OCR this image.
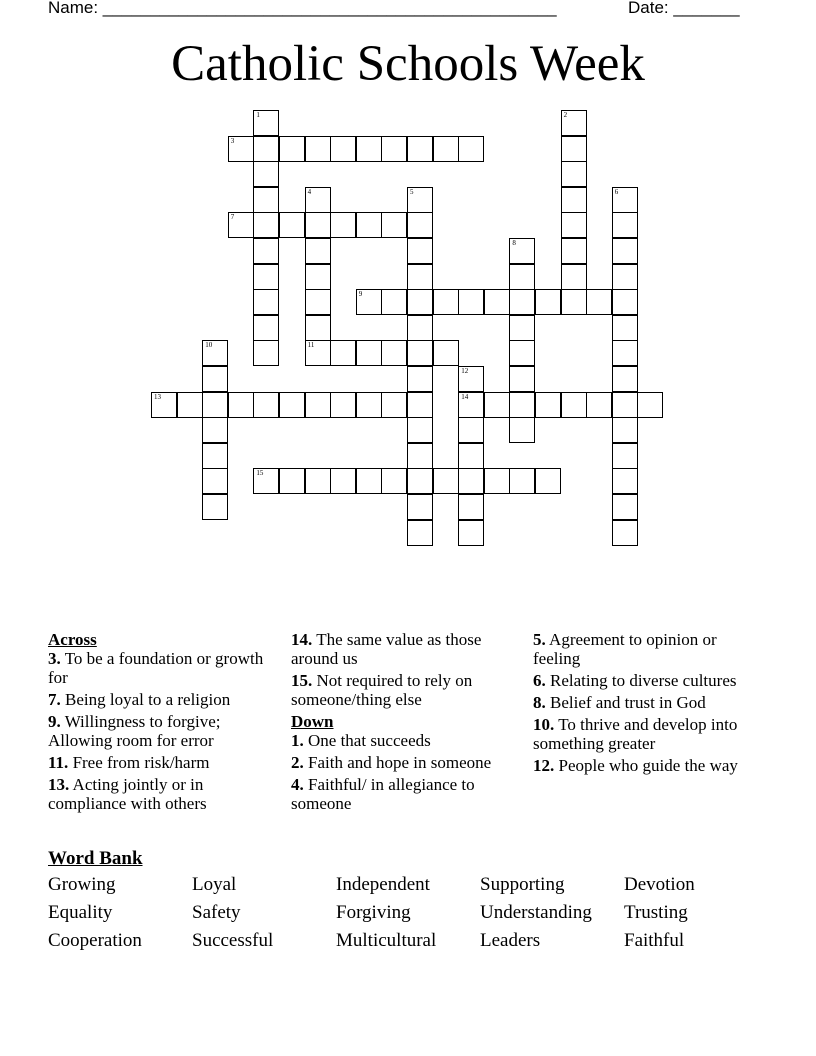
Name: ________________________________________________	Date: _______
Catholic Schools Week
1	2
3
4	5	6
7
8
9
10	11
12
14
13
15
Across
3. To be a foundation or growth for
7. Being loyal to a religion
9. Willingness to forgive; Allowing room for error
11. Free from risk/harm
13. Acting jointly or in compliance with others
14. The same value as those around us
15. Not required to rely on someone/thing else
Down
1. One that succeeds
2. Faith and hope in someone
4. Faithful/ in allegiance to someone
5. Agreement to opinion or feeling
6. Relating to diverse cultures
8. Belief and trust in God
10. To thrive and develop into something greater
12. People who guide the way
Word Bank
Growing	Loyal	Independent	Supporting	Devotion
Equality	Safety	Forgiving	Understanding Trusting
Cooperation	Successful	Multicultural Leaders	Faithful
